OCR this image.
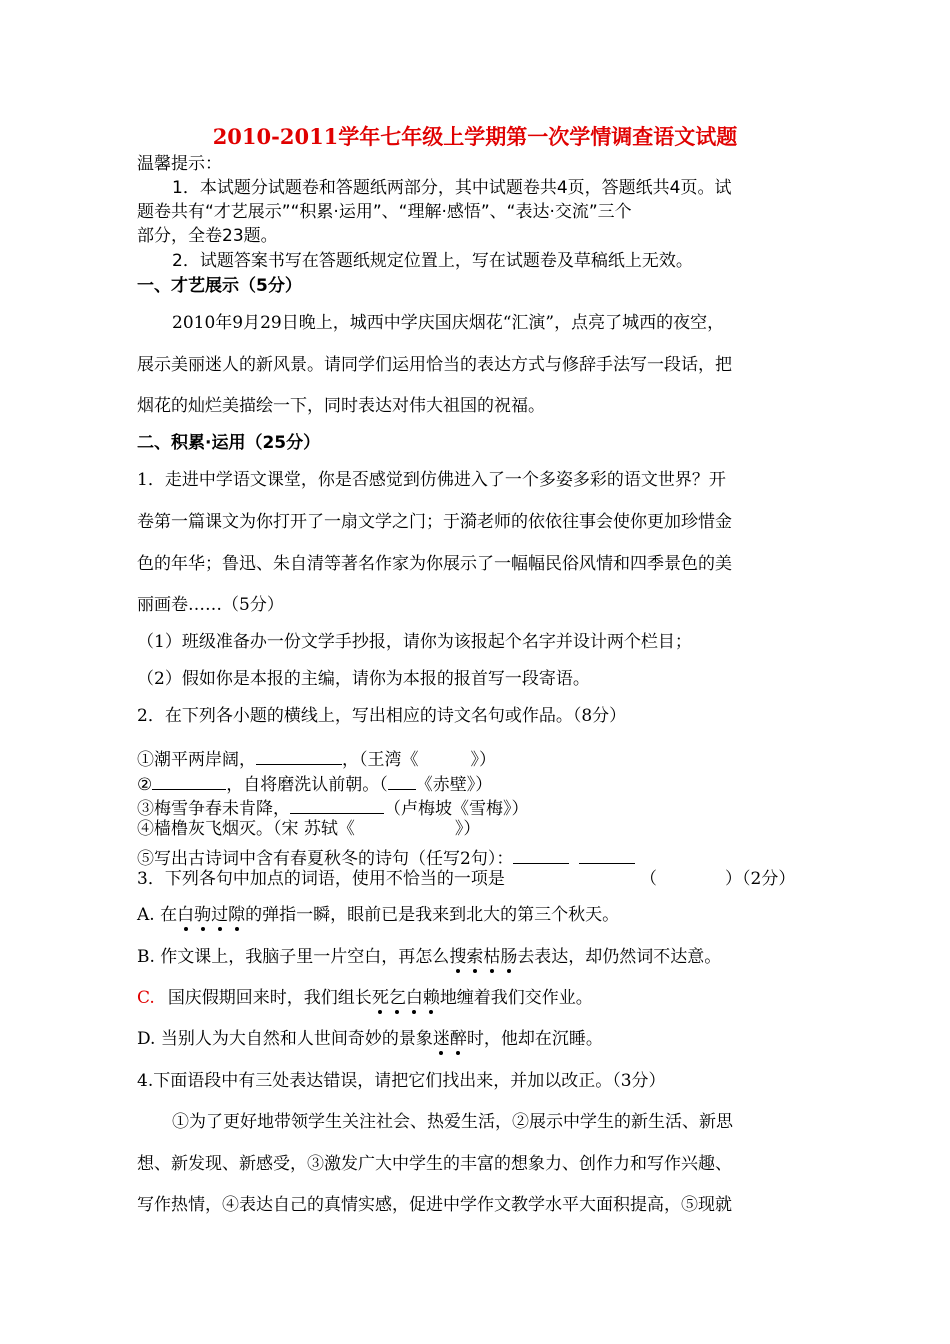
2010-2011学年七年级上学期第一次学情调查语文试题
温馨提示：
1．本试题分试题卷和答题纸两部分，其中试题卷共4页，答题纸共4页。试
题卷共有“才艺展示”“积累·运用”、“理解·感悟”、“表达·交流”三个
部分，全卷23题。
2．试题答案书写在答题纸规定位置上，写在试题卷及草稿纸上无效。
一、才艺展示（5分）
2010年9月29日晚上，城西中学庆国庆烟花“汇演”，点亮了城西的夜空，
展示美丽迷人的新风景。请同学们运用恰当的表达方式与修辞手法写一段话，把
烟花的灿烂美描绘一下，同时表达对伟大祖国的祝福。
二、积累·运用（25分）
1．走进中学语文课堂，你是否感觉到仿佛进入了一个多姿多彩的语文世界？开
卷第一篇课文为你打开了一扇文学之门；于漪老师的依依往事会使你更加珍惜金
色的年华；鲁迅、朱自清等著名作家为你展示了一幅幅民俗风情和四季景色的美
丽画卷……（5分）
（1）班级准备办一份文学手抄报，请你为该报起个名字并设计两个栏目；
（2）假如你是本报的主编，请你为本报的报首写一段寄语。
2．在下列各小题的横线上，写出相应的诗文名句或作品。（8分）
①潮平两岸阔，	，（王湾《	》）
②	，自将磨洗认前朝。（ 《赤壁》）
③梅雪争春未肯降，	（卢梅坡《雪梅》）
④樯橹灰飞烟灭。（宋 苏轼《	》）
⑤写出古诗词中含有春夏秋冬的诗句（任写2句）：
3．下列各句中加点的词语，使用不恰当的一项是	（　　　　）（2分）
A. 在白驹过隙的弹指一瞬，眼前已是我来到北大的第三个秋天。
B. 作文课上，我脑子里一片空白，再怎么搜索枯肠去表达，却仍然词不达意。
C. 国庆假期回来时，我们组长死乞白赖地缠着我们交作业。
D. 当别人为大自然和人世间奇妙的景象迷醉时，他却在沉睡。
4.下面语段中有三处表达错误，请把它们找出来，并加以改正。（3分）
①为了更好地带领学生关注社会、热爱生活，②展示中学生的新生活、新思
想、新发现、新感受，③激发广大中学生的丰富的想象力、创作力和写作兴趣、
写作热情，④表达自己的真情实感，促进中学作文教学水平大面积提高，⑤现就
